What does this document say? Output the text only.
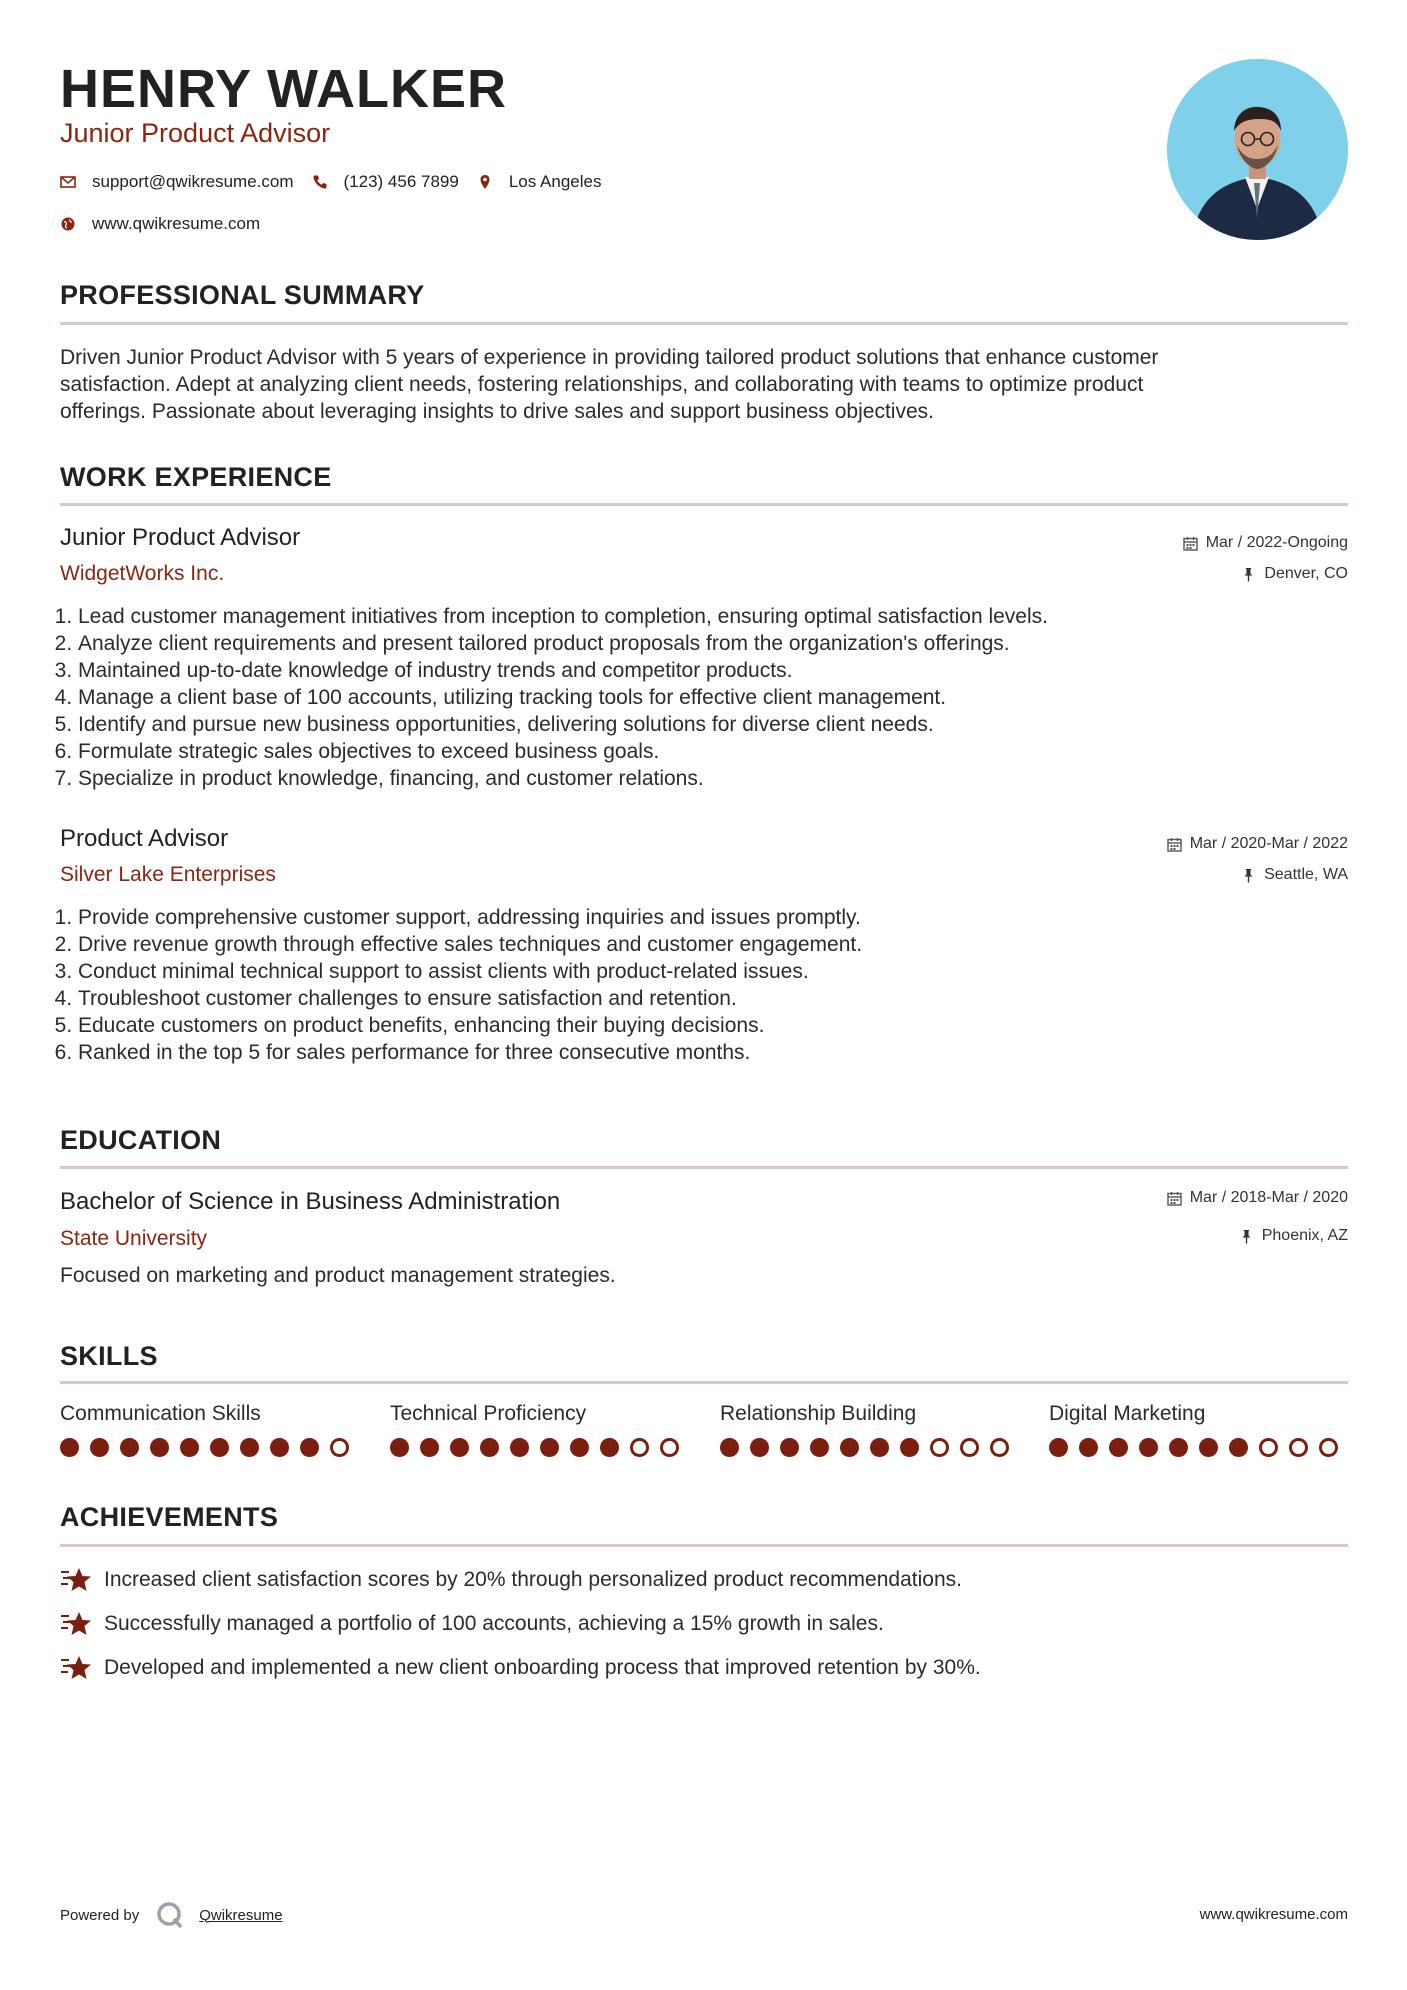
HENRY WALKER
Junior Product Advisor
support@qwikresume.com	(123) 456 7899	Los Angeles
www.qwikresume.com
PROFESSIONAL SUMMARY
Driven Junior Product Advisor with 5 years of experience in providing tailored product solutions that enhance customer
satisfaction. Adept at analyzing client needs, fostering relationships, and collaborating with teams to optimize product
offerings. Passionate about leveraging insights to drive sales and support business objectives.
WORK EXPERIENCE
Junior Product Advisor
WidgetWorks Inc.
Mar / 2022-Ongoing
Denver, CO
1. Lead customer management initiatives from inception to completion, ensuring optimal satisfaction levels.
2. Analyze client requirements and present tailored product proposals from the organization's offerings.
3. Maintained up-to-date knowledge of industry trends and competitor products.
4. Manage a client base of 100 accounts, utilizing tracking tools for effective client management.
5. Identify and pursue new business opportunities, delivering solutions for diverse client needs.
6. Formulate strategic sales objectives to exceed business goals.
7. Specialize in product knowledge, financing, and customer relations.
Product Advisor
Silver Lake Enterprises
Mar / 2020-Mar / 2022
Seattle, WA
1. Provide comprehensive customer support, addressing inquiries and issues promptly.
2. Drive revenue growth through effective sales techniques and customer engagement.
3. Conduct minimal technical support to assist clients with product-related issues.
4. Troubleshoot customer challenges to ensure satisfaction and retention.
5. Educate customers on product benefits, enhancing their buying decisions.
6. Ranked in the top 5 for sales performance for three consecutive months.
EDUCATION
Bachelor of Science in Business Administration
State University
Mar / 2018-Mar / 2020
Phoenix, AZ
Focused on marketing and product management strategies.
SKILLS
Communication Skills	Technical Proficiency	Relationship Building	Digital Marketing
ACHIEVEMENTS
Increased client satisfaction scores by 20% through personalized product recommendations.
Successfully managed a portfolio of 100 accounts, achieving a 15% growth in sales.
Developed and implemented a new client onboarding process that improved retention by 30%.
Powered by	Qwikresume	www.qwikresume.com
